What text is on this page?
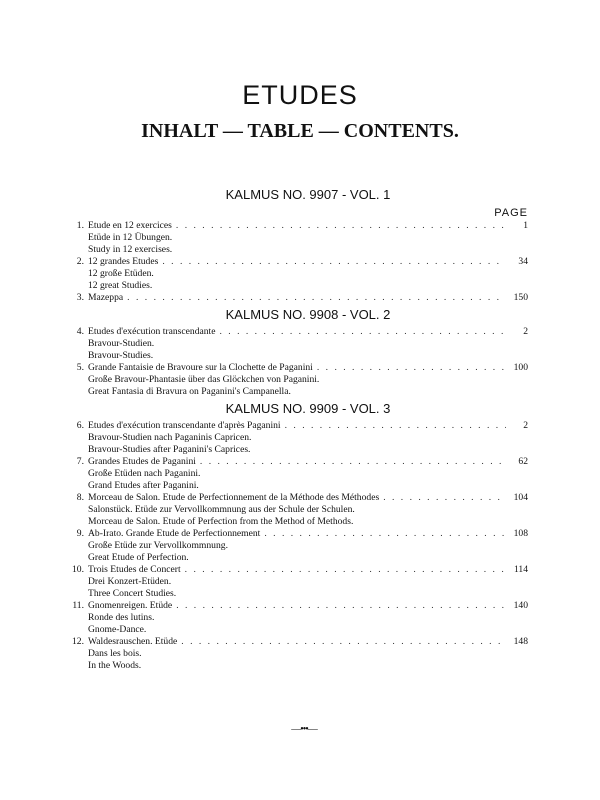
ETUDES
INHALT — TABLE — CONTENTS.
KALMUS NO. 9907 - VOL. 1
PAGE
1. Etude en 12 exercices . . .	1
Etüde in 12 Übungen.
Study in 12 exercises.
2. 12 grandes Etudes . . .	34
12 große Etüden.
12 great Studies.
3. Mazeppa . . .	150
KALMUS NO. 9908 - VOL. 2
4. Etudes d'exécution transcendante . . .	2
Bravour-Studien.
Bravour-Studies.
5. Grande Fantaisie de Bravoure sur la Clochette de Paganini . . .	100
Große Bravour-Phantasie über das Glöckchen von Paganini.
Great Fantasia di Bravura on Paganini's Campanella.
KALMUS NO. 9909 - VOL. 3
6. Etudes d'exécution transcendante d'après Paganini . . .	2
Bravour-Studien nach Paganinis Capricen.
Bravour-Studies after Paganini's Caprices.
7. Grandes Etudes de Paganini . . .	62
Große Etüden nach Paganini.
Grand Etudes after Paganini.
8. Morceau de Salon. Etude de Perfectionnement de la Méthode des Méthodes . . .	104
Salonstück. Etüde zur Vervollkommnung aus der Schule der Schulen.
Morceau de Salon. Etude of Perfection from the Method of Methods.
9. Ab-Irato. Grande Etude de Perfectionnement . . .	108
Große Etüde zur Vervollkommnung.
Great Etude of Perfection.
10. Trois Etudes de Concert . . .	114
Drei Konzert-Etüden.
Three Concert Studies.
11. Gnomenreigen. Etüde . . .	140
Ronde des lutins.
Gnome-Dance.
12. Waldesrauschen. Etüde . . .	148
Dans les bois.
In the Woods.
—•••—
